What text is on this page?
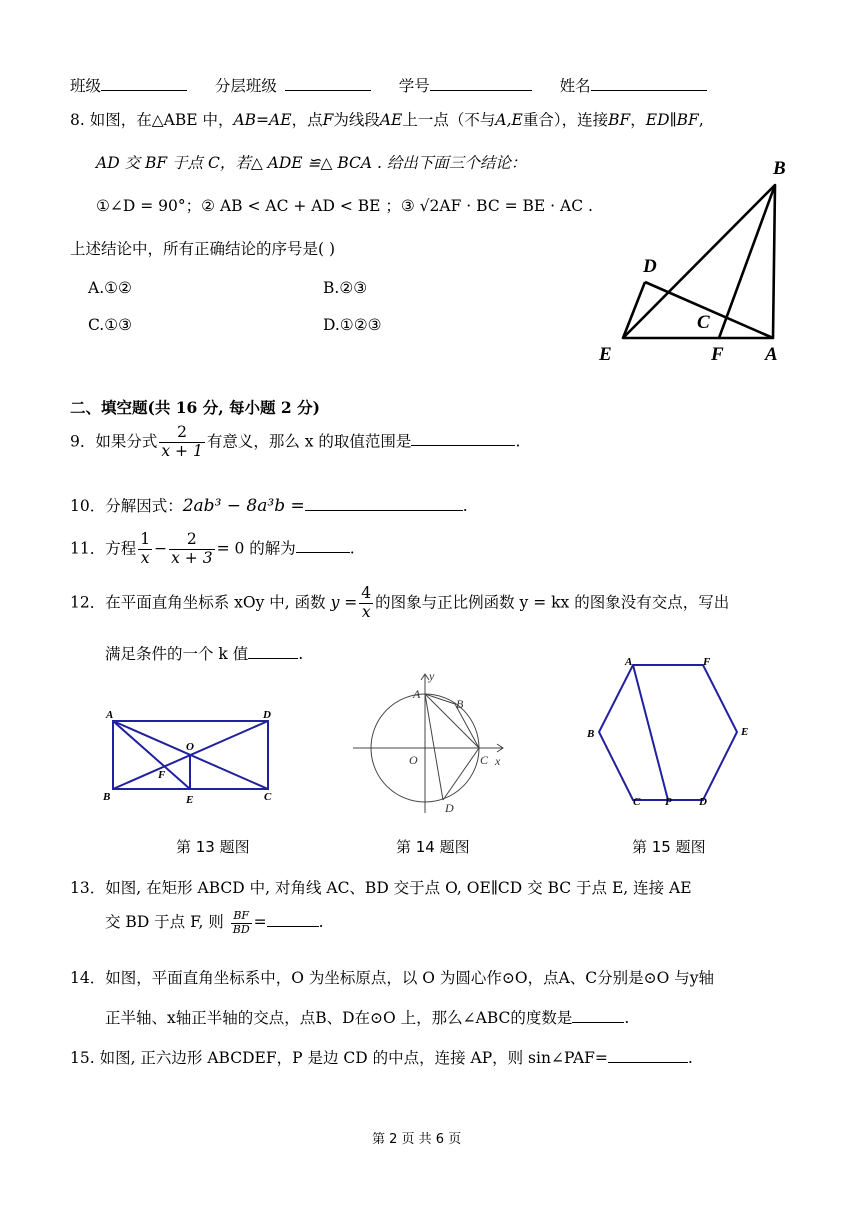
班级	分层班级	学号	姓名
8. 如图，在△ABE 中，AB=AE，点F为线段AE上一点（不与A,E重合），连接BF，ED∥BF,
AD 交 BF 于点 C，若△ ADE ≌△ BCA . 给出下面三个结论：
①∠D = 90°；② AB < AC + AD < BE ；③ √2AF · BC = BE · AC .
上述结论中，所有正确结论的序号是( )
A.①②	B.②③
C.①③	D.①②③
B
D
C
E	F A
二、填空题(共 16 分, 每小题 2 分)
9．如果分式 $\frac{2}{x + 1}$ 有意义，那么 x 的取值范围是	.
10．分解因式：2ab³ − 8a³b =	.
11．方程 $\frac{1}{x} - \frac{2}{x + 3} = 0$ 的解为	.
12．在平面直角坐标系 xOy 中, 函数 $y = \frac{4}{x}$ 的图象与正比例函数 y = kx 的图象没有交点，写出
满足条件的一个 k 值	.
A	D
O
F
B	E	C
第 13 题图
y
A
B
O	C x
D
第 14 题图
A	F
B	E
C P D
第 15 题图
13．如图, 在矩形 ABCD 中, 对角线 AC、BD 交于点 O, OE∥CD 交 BC 于点 E, 连接 AE
交 BD 于点 F, 则 $\frac{BF}{BD}$ =	.
14．如图，平面直角坐标系中，O 为坐标原点，以 O 为圆心作⊙O，点A、C分别是⊙O 与y轴
正半轴、x轴正半轴的交点，点B、D在⊙O 上，那么∠ABC的度数是	.
15. 如图, 正六边形 ABCDEF，P 是边 CD 的中点，连接 AP，则 sin∠PAF=	.
第 2 页 共 6 页
